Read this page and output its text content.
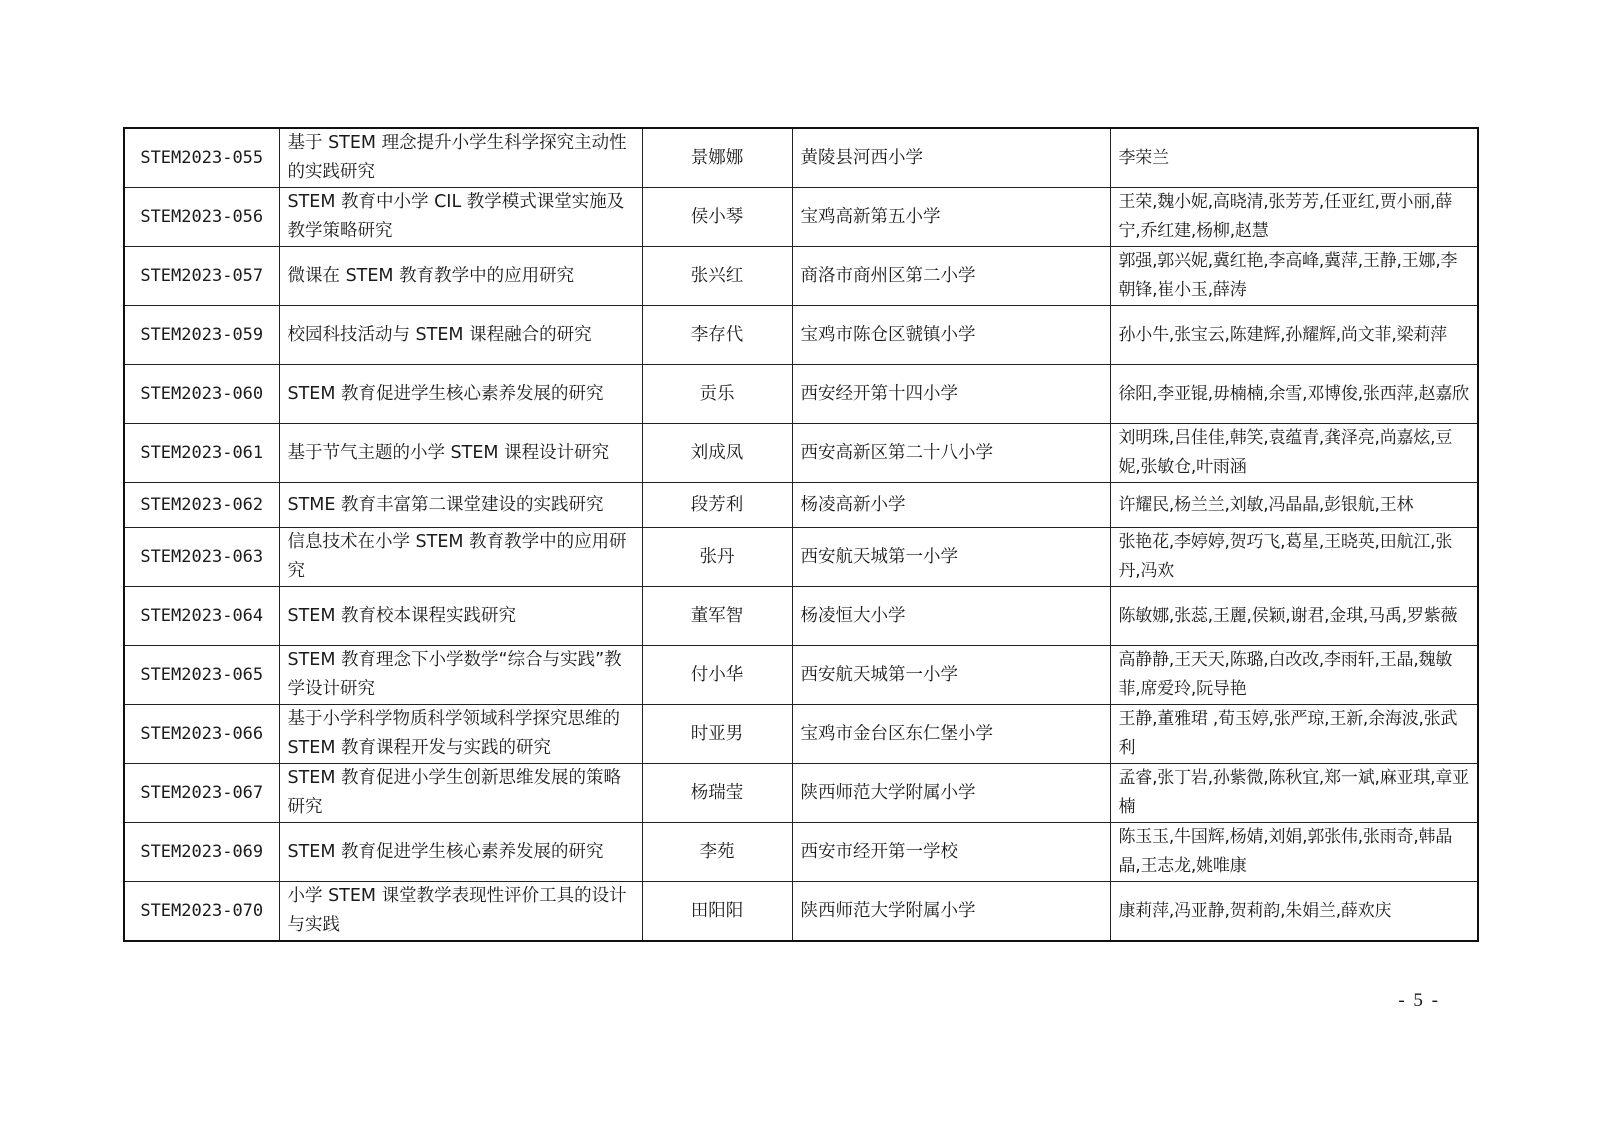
STEM2023-055	基于 STEM 理念提升小学生科学探究主动性的实践研究	景娜娜	黄陵县河西小学	李荣兰
STEM2023-056	STEM 教育中小学 CIL 教学模式课堂实施及教学策略研究	侯小琴	宝鸡高新第五小学	王荣,魏小妮,高晓清,张芳芳,任亚红,贾小丽,薛宁,乔红建,杨柳,赵慧
STEM2023-057	微课在 STEM 教育教学中的应用研究	张兴红	商洛市商州区第二小学	郭强,郭兴妮,冀红艳,李高峰,冀萍,王静,王娜,李朝锋,崔小玉,薛涛
STEM2023-059	校园科技活动与 STEM 课程融合的研究	李存代	宝鸡市陈仓区虢镇小学	孙小牛,张宝云,陈建辉,孙耀辉,尚文菲,梁莉萍
STEM2023-060	STEM 教育促进学生核心素养发展的研究	贡乐	西安经开第十四小学	徐阳,李亚锟,毋楠楠,余雪,邓博俊,张西萍,赵嘉欣
STEM2023-061	基于节气主题的小学 STEM 课程设计研究	刘成凤	西安高新区第二十八小学	刘明珠,吕佳佳,韩笑,袁蕴青,龚泽亮,尚嘉炫,豆妮,张敏仓,叶雨涵
STEM2023-062	STME 教育丰富第二课堂建设的实践研究	段芳利	杨凌高新小学	许耀民,杨兰兰,刘敏,冯晶晶,彭银航,王林
STEM2023-063	信息技术在小学 STEM 教育教学中的应用研究	张丹	西安航天城第一小学	张艳花,李婷婷,贺巧飞,葛星,王晓英,田航江,张丹,冯欢
STEM2023-064	STEM 教育校本课程实践研究	董军智	杨凌恒大小学	陈敏娜,张蕊,王麗,侯颖,谢君,金琪,马禹,罗紫薇
STEM2023-065	STEM 教育理念下小学数学“综合与实践”教学设计研究	付小华	西安航天城第一小学	高静静,王天天,陈璐,白改改,李雨轩,王晶,魏敏菲,席爱玲,阮导艳
STEM2023-066	基于小学科学物质科学领域科学探究思维的 STEM 教育课程开发与实践的研究	时亚男	宝鸡市金台区东仁堡小学	王静,董雅珺 ,荀玉婷,张严琼,王新,余海波,张武利
STEM2023-067	STEM 教育促进小学生创新思维发展的策略研究	杨瑞莹	陕西师范大学附属小学	孟睿,张丁岩,孙紫微,陈秋宜,郑一斌,麻亚琪,章亚楠
STEM2023-069	STEM 教育促进学生核心素养发展的研究	李苑	西安市经开第一学校	陈玉玉,牛国辉,杨婧,刘娟,郭张伟,张雨奇,韩晶晶,王志龙,姚唯康
STEM2023-070	小学 STEM 课堂教学表现性评价工具的设计与实践	田阳阳	陕西师范大学附属小学	康莉萍,冯亚静,贺莉韵,朱娟兰,薛欢庆
- 5 -
